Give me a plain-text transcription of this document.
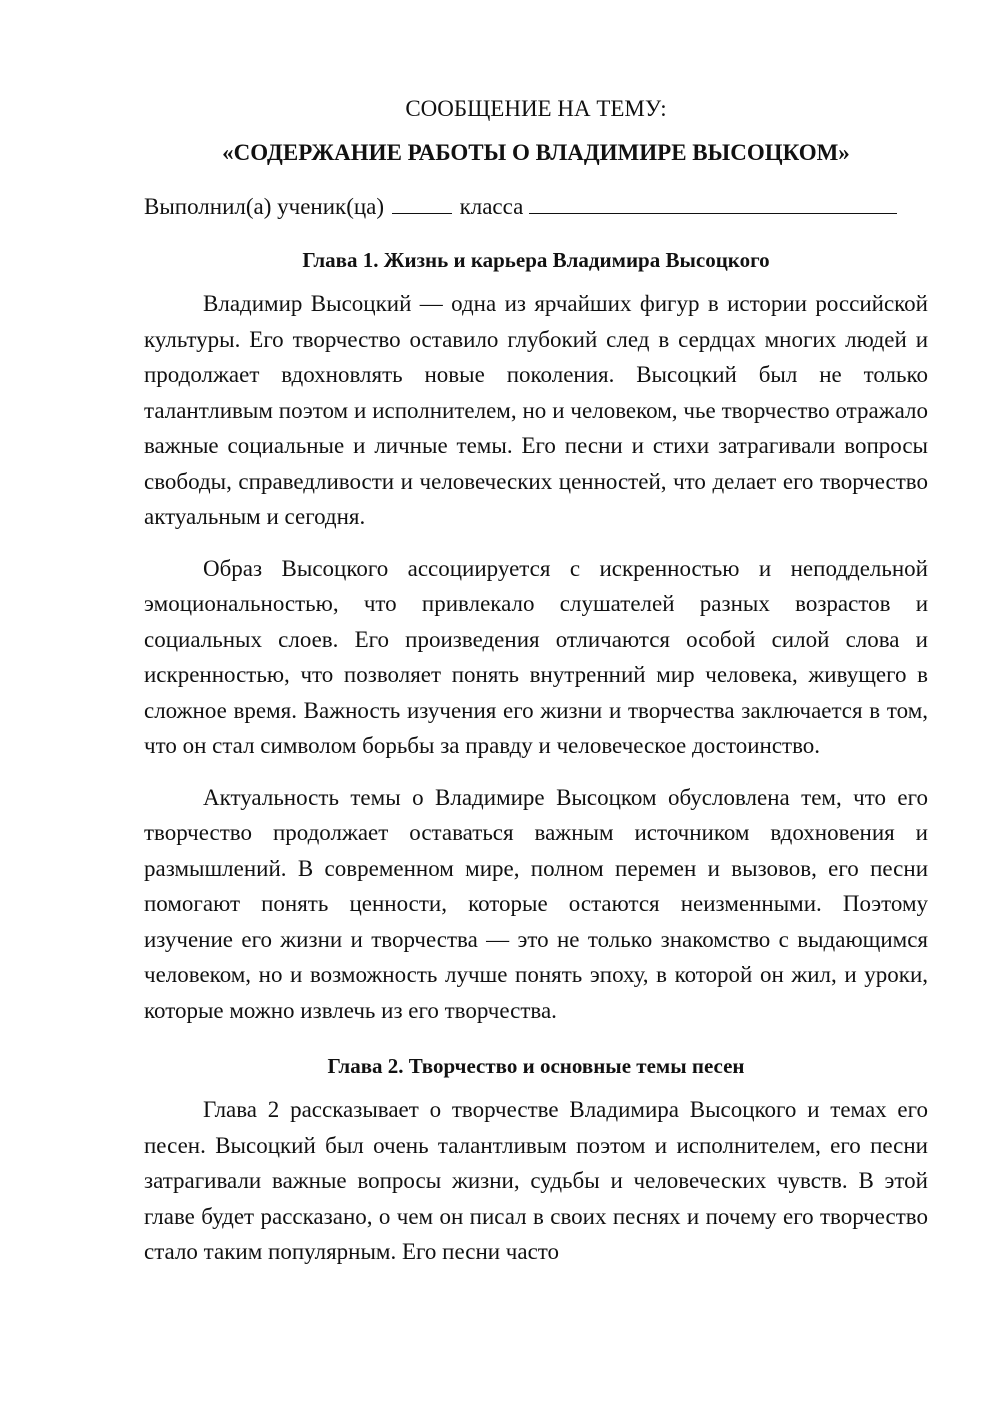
СООБЩЕНИЕ НА ТЕМУ:

«СОДЕРЖАНИЕ РАБОТЫ О ВЛАДИМИРЕ ВЫСОЦКОМ»

Выполнил(а) ученик(ца)	класса

Глава 1. Жизнь и карьера Владимира Высоцкого

Владимир Высоцкий — одна из ярчайших фигур в истории российской культуры. Его творчество оставило глубокий след в сердцах многих людей и продолжает вдохновлять новые поколения. Высоцкий был не только талантливым поэтом и исполнителем, но и человеком, чье творчество отражало важные социальные и личные темы. Его песни и стихи затрагивали вопросы свободы, справедливости и человеческих ценностей, что делает его творчество актуальным и сегодня.

Образ Высоцкого ассоциируется с искренностью и неподдельной эмоциональностью, что привлекало слушателей разных возрастов и социальных слоев. Его произведения отличаются особой силой слова и искренностью, что позволяет понять внутренний мир человека, живущего в сложное время. Важность изучения его жизни и творчества заключается в том, что он стал символом борьбы за правду и человеческое достоинство.

Актуальность темы о Владимире Высоцком обусловлена тем, что его творчество продолжает оставаться важным источником вдохновения и размышлений. В современном мире, полном перемен и вызовов, его песни помогают понять ценности, которые остаются неизменными. Поэтому изучение его жизни и творчества — это не только знакомство с выдающимся человеком, но и возможность лучше понять эпоху, в которой он жил, и уроки, которые можно извлечь из его творчества.

Глава 2. Творчество и основные темы песен

Глава 2 рассказывает о творчестве Владимира Высоцкого и темах его песен. Высоцкий был очень талантливым поэтом и исполнителем, его песни затрагивали важные вопросы жизни, судьбы и человеческих чувств. В этой главе будет рассказано, о чем он писал в своих песнях и почему его творчество стало таким популярным. Его песни часто
